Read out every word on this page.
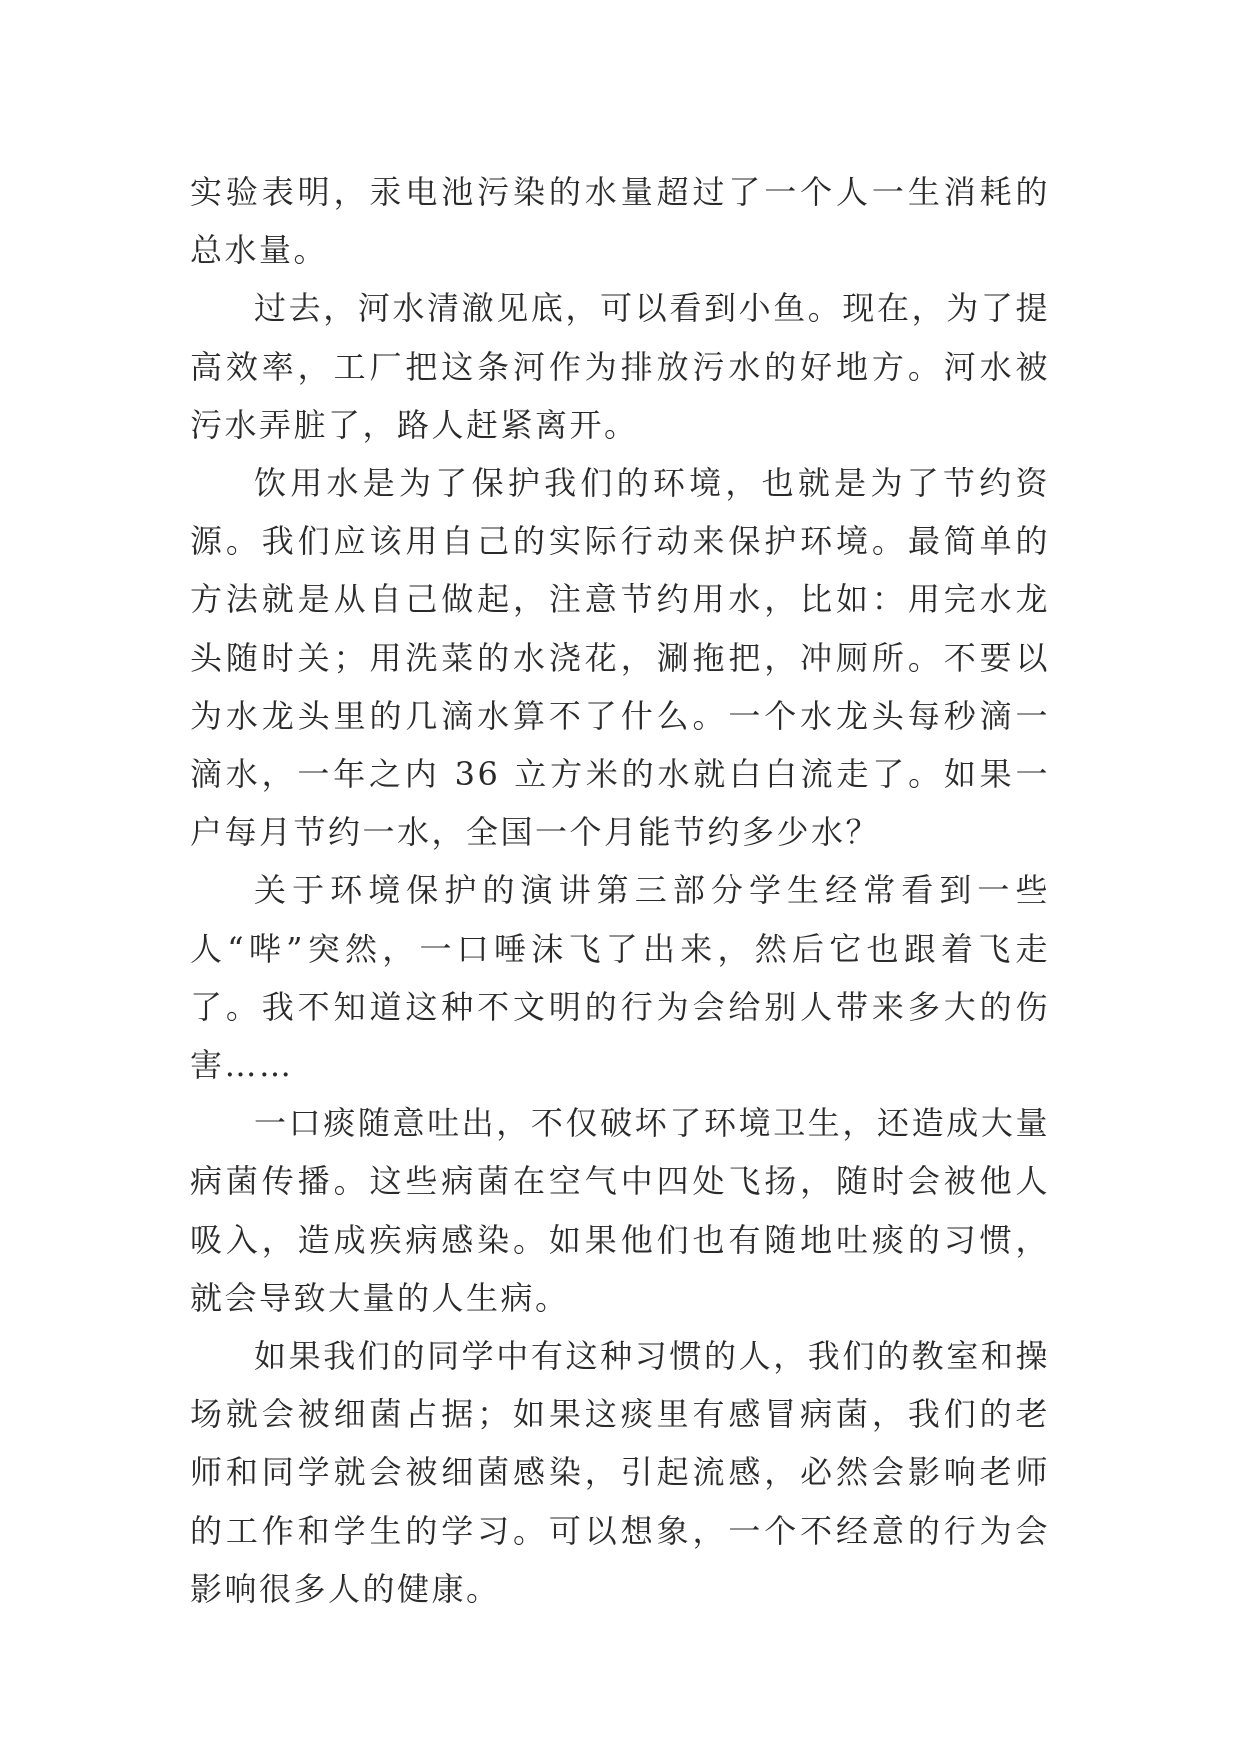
实验表明，汞电池污染的水量超过了一个人一生消耗的总水量。

过去，河水清澈见底，可以看到小鱼。现在，为了提高效率，工厂把这条河作为排放污水的好地方。河水被污水弄脏了，路人赶紧离开。

饮用水是为了保护我们的环境，也就是为了节约资源。我们应该用自己的实际行动来保护环境。最简单的方法就是从自己做起，注意节约用水，比如：用完水龙头随时关；用洗菜的水浇花，涮拖把，冲厕所。不要以为水龙头里的几滴水算不了什么。一个水龙头每秒滴一滴水，一年之内 36 立方米的水就白白流走了。如果一户每月节约一水，全国一个月能节约多少水？

关于环境保护的演讲第三部分学生经常看到一些人“哔”突然，一口唾沫飞了出来，然后它也跟着飞走了。我不知道这种不文明的行为会给别人带来多大的伤害……

一口痰随意吐出，不仅破坏了环境卫生，还造成大量病菌传播。这些病菌在空气中四处飞扬，随时会被他人吸入，造成疾病感染。如果他们也有随地吐痰的习惯，就会导致大量的人生病。

如果我们的同学中有这种习惯的人，我们的教室和操场就会被细菌占据；如果这痰里有感冒病菌，我们的老师和同学就会被细菌感染，引起流感，必然会影响老师的工作和学生的学习。可以想象，一个不经意的行为会影响很多人的健康。
